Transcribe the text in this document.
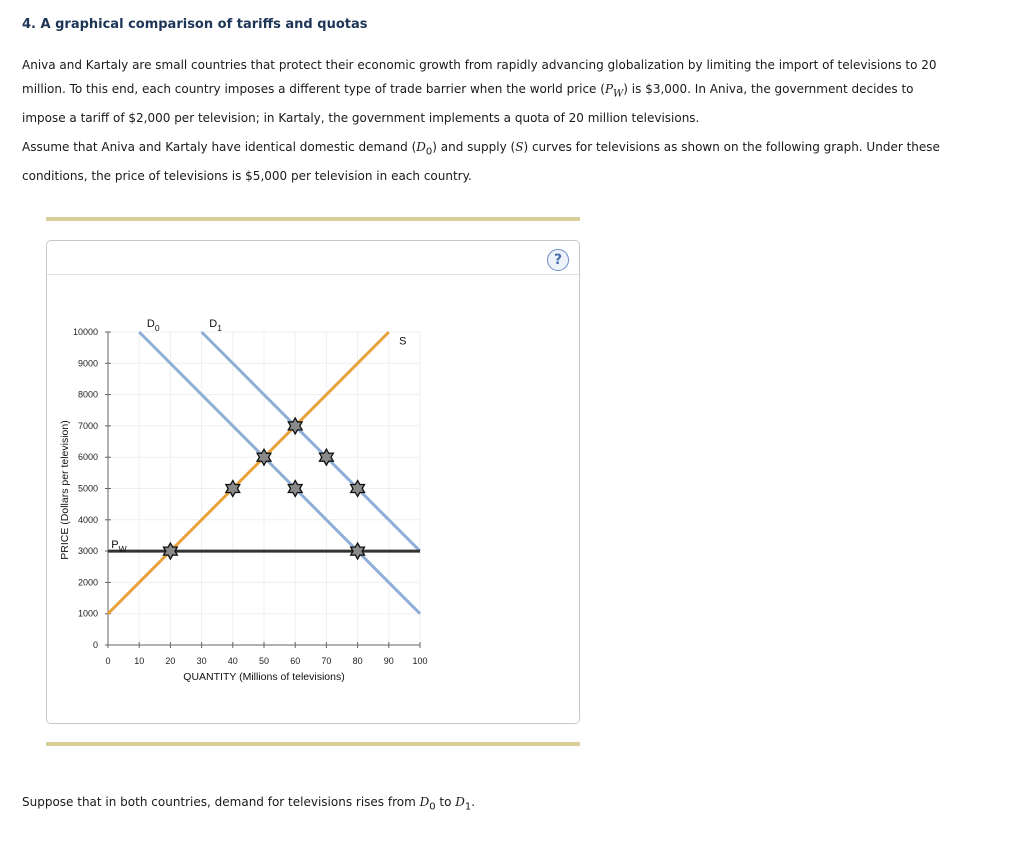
4. A graphical comparison of tariffs and quotas
Aniva and Kartaly are small countries that protect their economic growth from rapidly advancing globalization by limiting the import of televisions to 20 million. To this end, each country imposes a different type of trade barrier when the world price $(P_W)$ is $3,000. In Aniva, the government decides to impose a tariff of $2,000 per television; in Kartaly, the government implements a quota of 20 million televisions.
Assume that Aniva and Kartaly have identical domestic demand $(D_0)$ and supply (S) curves for televisions as shown on the following graph. Under these conditions, the price of televisions is $5,000 per television in each country.
?
0
1000
2000
3000
4000
5000
6000
7000
8000
9000
10000
0	10 20 30 40 50 60 70 80 90 100
$D_0$	$D_1$
S
$P_W$
PRICE (Dollars per television)
QUANTITY (Millions of televisions)
Suppose that in both countries, demand for televisions rises from $D_0$ to $D_1$.
